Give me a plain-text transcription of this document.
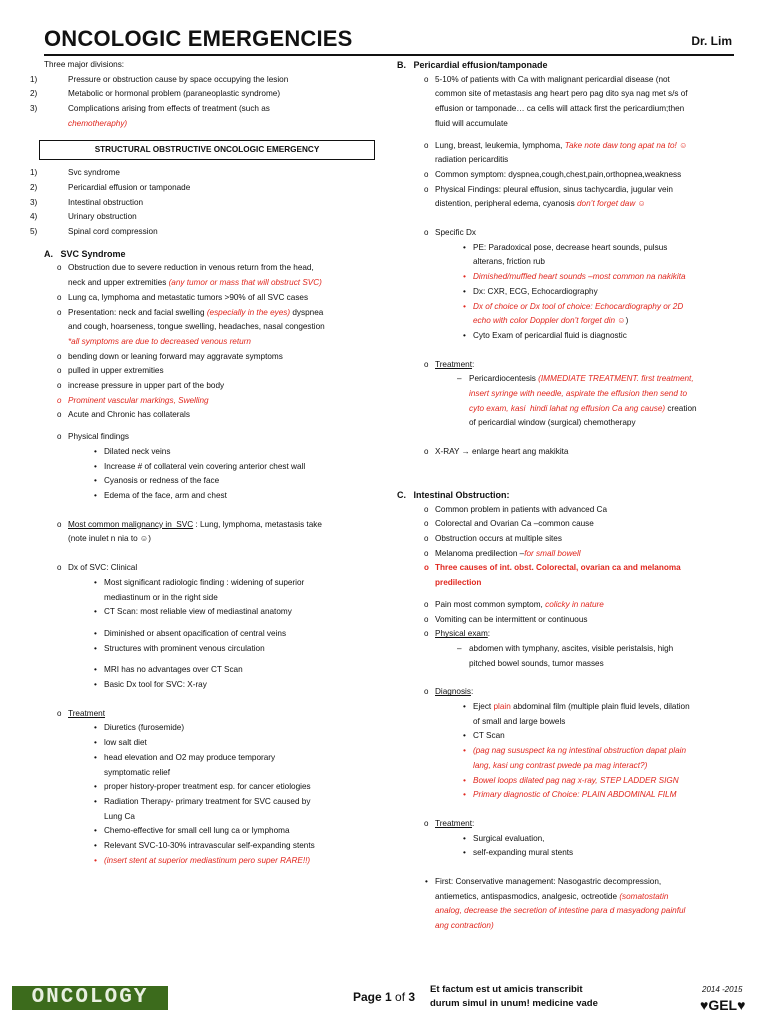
ONCOLOGIC EMERGENCIES	Dr. Lim
Three major divisions:
1)	Pressure or obstruction cause by space occupying the lesion
2)	Metabolic or hormonal problem (paraneoplastic syndrome)
3)	Complications arising from effects of treatment (such as
chemotheraphy)
STRUCTURAL OBSTRUCTIVE ONCOLOGIC EMERGENCY
1)	Svc syndrome
2)	Pericardial effusion or tamponade
3)	Intestinal obstruction
4)	Urinary obstruction
5)	Spinal cord compression
A.   SVC Syndrome
o Obstruction due to severe reduction in venous return from the head,
neck and upper extremities (any tumor or mass that will obstruct SVC)
o Lung ca, lymphoma and metastatic tumors >90% of all SVC cases
o Presentation: neck and facial swelling (especially in the eyes) dyspnea
and cough, hoarseness, tongue swelling, headaches, nasal congestion
*all symptoms are due to decreased venous return
o bending down or leaning forward may aggravate symptoms
o pulled in upper extremities
o increase pressure in upper part of the body
o Prominent vascular markings, Swelling
o Acute and Chronic has collaterals
o Physical findings
• Dilated neck veins
• Increase # of collateral vein covering anterior chest wall
• Cyanosis or redness of the face
• Edema of the face, arm and chest
o Most common malignancy in  SVC : Lung, lymphoma, metastasis take
(note inulet n nia to ☺)
o Dx of SVC: Clinical
• Most significant radiologic finding : widening of superior
mediastinum or in the right side
• CT Scan: most reliable view of mediastinal anatomy
• Diminished or absent opacification of central veins
• Structures with prominent venous circulation
• MRI has no advantages over CT Scan
• Basic Dx tool for SVC: X-ray
o Treatment
• Diuretics (furosemide)
• low salt diet
• head elevation and O2 may produce temporary
symptomatic relief
• proper history-proper treatment esp. for cancer etiologies
• Radiation Therapy- primary treatment for SVC caused by
Lung Ca
• Chemo-effective for small cell lung ca or lymphoma
• Relevant SVC-10-30% intravascular self-expanding stents
• (insert stent at superior mediastinum pero super RARE!!)
B.   Pericardial effusion/tamponade
o 5-10% of patients with Ca with malignant pericardial disease (not
common site of metastasis ang heart pero pag dito sya nag met s/s of
effusion or tamponade… ca cells will attack first the pericardium;then
fluid will accumulate
o Lung, breast, leukemia, lymphoma, Take note daw tong apat na to! ☺
radiation pericarditis
o Common symptom: dyspnea,cough,chest,pain,orthopnea,weakness
o Physical Findings: pleural effusion, sinus tachycardia, jugular vein
distention, peripheral edema, cyanosis don’t forget daw ☺
o Specific Dx
• PE: Paradoxical pose, decrease heart sounds, pulsus
alterans, friction rub
• Dimished/muffled heart sounds –most common na nakikita
• Dx: CXR, ECG, Echocardiography
• Dx of choice or Dx tool of choice: Echocardiography or 2D
echo with color Doppler don’t forget din ☺)
• Cyto Exam of pericardial fluid is diagnostic
o Treatment:
– Pericardiocentesis (IMMEDIATE TREATMENT. first treatment,
insert syringe with needle, aspirate the effusion then send to
cyto exam, kasi  hindi lahat ng effusion Ca ang cause) creation
of pericardial window (surgical) chemotherapy
o X-RAY → enlarge heart ang makikita
C.   Intestinal Obstruction:
o Common problem in patients with advanced Ca
o Colorectal and Ovarian Ca –common cause
o Obstruction occurs at multiple sites
o Melanoma predilection –for small bowell
o Three causes of int. obst. Colorectal, ovarian ca and melanoma
predilection
o Pain most common symptom, colicky in nature
o Vomiting can be intermittent or continuous
o Physical exam:
– abdomen with tymphany, ascites, visible peristalsis, high
pitched bowel sounds, tumor masses
o Diagnosis:
• Eject plain abdominal film (multiple plain fluid levels, dilation
of small and large bowels
• CT Scan
• (pag nag sususpect ka ng intestinal obstruction dapat plain
lang, kasi ung contrast pwede pa mag interact?)
• Bowel loops dilated pag nag x-ray, STEP LADDER SIGN
• Primary diagnostic of Choice: PLAIN ABDOMINAL FILM
o Treatment:
• Surgical evaluation,
• self-expanding mural stents
• First: Conservative management: Nasogastric decompression,
antiemetics, antispasmodics, analgesic, octreotide (somatostatin
analog, decrease the secretion of intestine para d masyadong painful
ang contraction)
ONCOLOGY	Page 1 of 3
Et factum est ut amicis transcribit
durum simul in unum! medicine vade
2014 -2015
♥GEL♥
